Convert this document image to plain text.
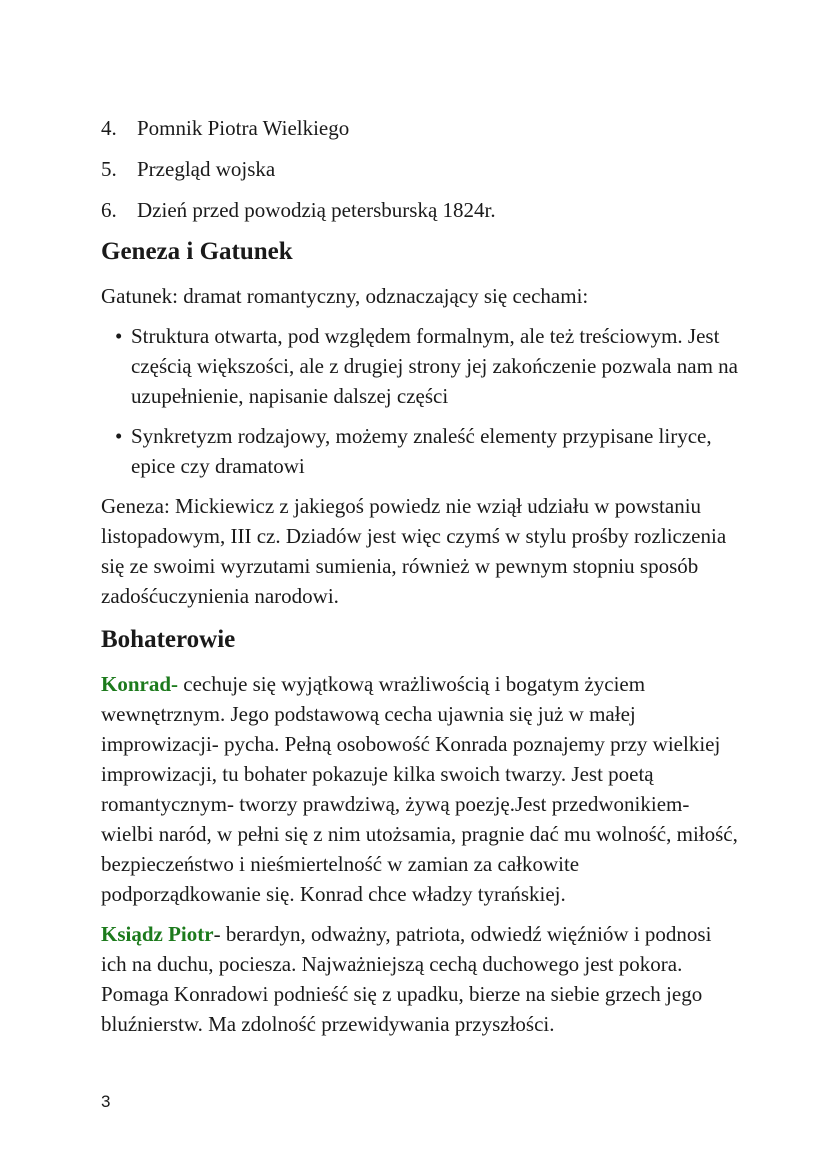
4. Pomnik Piotra Wielkiego
5. Przegląd wojska
6. Dzień przed powodzią petersburską 1824r.
Geneza i Gatunek

Gatunek: dramat romantyczny, odznaczający się cechami:

• Struktura otwarta, pod względem formalnym, ale też treściowym. Jest częścią większości, ale z drugiej strony jej zakończenie pozwala nam na uzupełnienie, napisanie dalszej części
• Synkretyzm rodzajowy, możemy znaleść elementy przypisane liryce, epice czy dramatowi

Geneza: Mickiewicz z jakiegoś powiedz nie wziął udziału w powstaniu listopadowym, III cz. Dziadów jest więc czymś w stylu prośby rozliczenia się ze swoimi wyrzutami sumienia, również w pewnym stopniu sposób zadośćuczynienia narodowi.

Bohaterowie

Konrad- cechuje się wyjątkową wrażliwością i bogatym życiem wewnętrznym. Jego podstawową cecha ujawnia się już w małej improwizacji- pycha. Pełną osobowość Konrada poznajemy przy wielkiej improwizacji, tu bohater pokazuje kilka swoich twarzy. Jest poetą romantycznym- tworzy prawdziwą, żywą poezję.Jest przedwonikiem- wielbi naród, w pełni się z nim utożsamia, pragnie dać mu wolność, miłość, bezpieczeństwo i nieśmiertelność w zamian za całkowite podporządkowanie się. Konrad chce władzy tyrańskiej.

Ksiądz Piotr- berardyn, odważny, patriota, odwiedź więźniów i podnosi ich na duchu, pociesza. Najważniejszą cechą duchowego jest pokora. Pomaga Konradowi podnieść się z upadku, bierze na siebie grzech jego bluźnierstw. Ma zdolność przewidywania przyszłości.

3
